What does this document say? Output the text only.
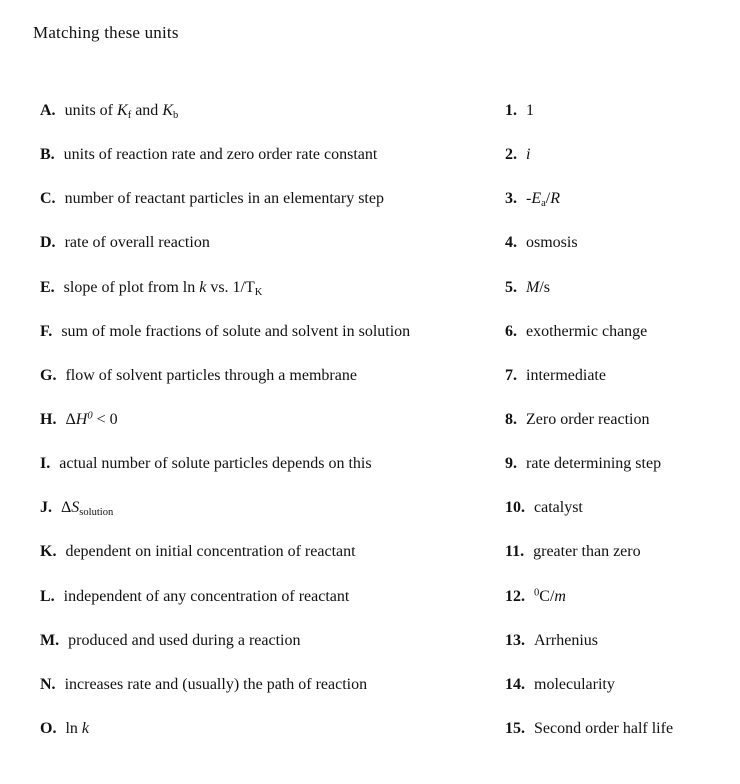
Matching these units
A. units of $K_f$ and $K_b$	1. 1
B. units of reaction rate and zero order rate constant	2. i
C. number of reactant particles in an elementary step	3. $-E_a/R$
D. rate of overall reaction	4. osmosis
E. slope of plot from ln k vs. $1/T_K$	5. M/s
F. sum of mole fractions of solute and solvent in solution	6. exothermic change
G. flow of solvent particles through a membrane	7. intermediate
H. $\Delta H^0 < 0$	8. Zero order reaction
I. actual number of solute particles depends on this	9. rate determining step
J. $\Delta S_{solution}$	10. catalyst
K. dependent on initial concentration of reactant	11. greater than zero
L. independent of any concentration of reactant	12. $^0$C/m
M. produced and used during a reaction	13. Arrhenius
N. increases rate and (usually) the path of reaction	14. molecularity
O. ln k	15. Second order half life
